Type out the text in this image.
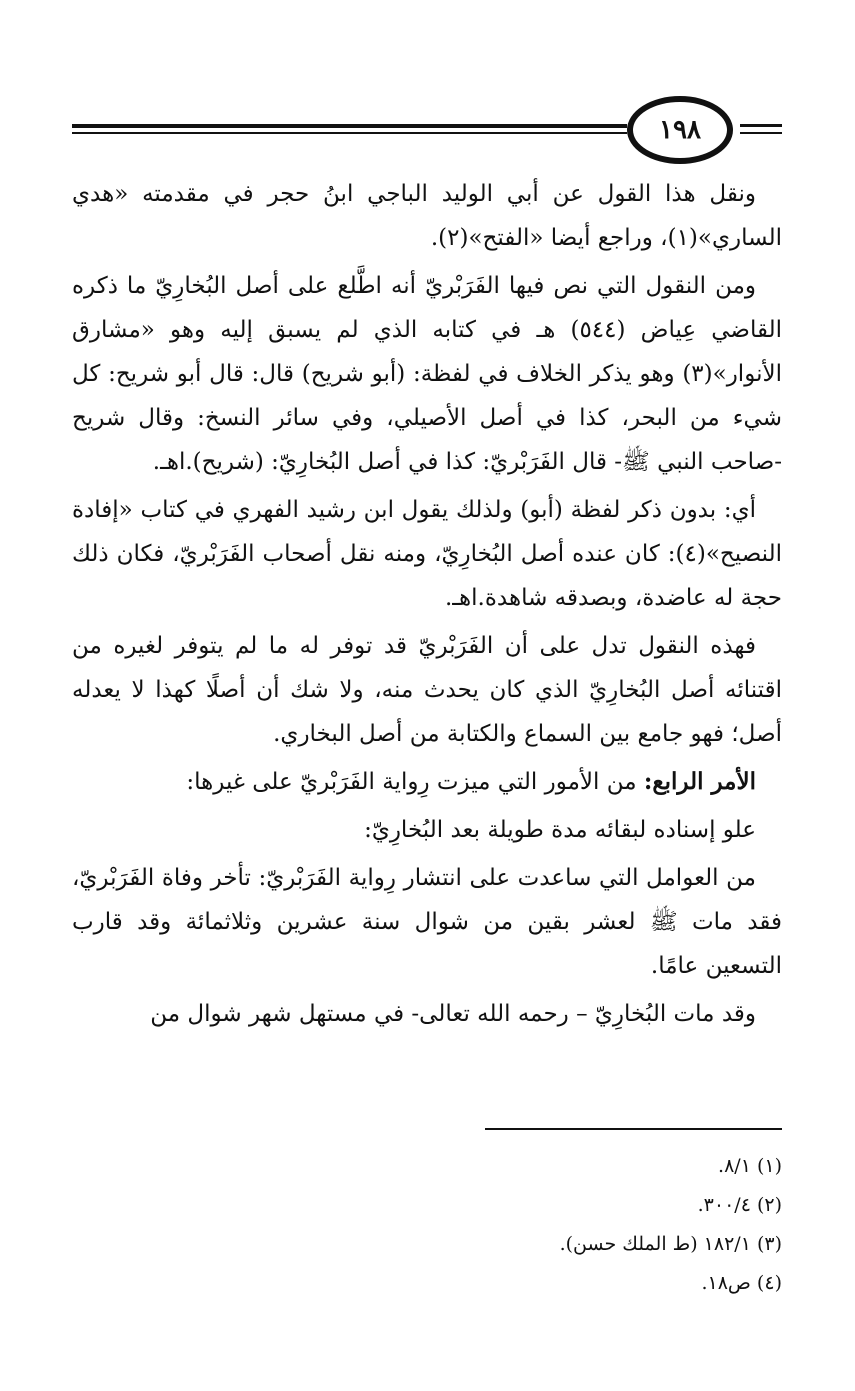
١٩٨

ونقل هذا القول عن أبي الوليد الباجي ابنُ حجر في مقدمته «هدي الساري»(١)، وراجع أيضا «الفتح»(٢).

ومن النقول التي نص فيها الفَرَبْريّ أنه اطَّلع على أصل البُخارِيّ ما ذكره القاضي عِياض (٥٤٤) هـ في كتابه الذي لم يسبق إليه وهو «مشارق الأنوار»(٣) وهو يذكر الخلاف في لفظة: (أبو شريح) قال: قال أبو شريح: كل شيء من البحر، كذا في أصل الأصيلي، وفي سائر النسخ: وقال شريح -صاحب النبي ﷺ- قال الفَرَبْريّ: كذا في أصل البُخارِيّ: (شريح).اهـ.

أي: بدون ذكر لفظة (أبو) ولذلك يقول ابن رشيد الفهري في كتاب «إفادة النصيح»(٤): كان عنده أصل البُخارِيّ، ومنه نقل أصحاب الفَرَبْريّ، فكان ذلك حجة له عاضدة، وبصدقه شاهدة.اهـ.

فهذه النقول تدل على أن الفَرَبْريّ قد توفر له ما لم يتوفر لغيره من اقتنائه أصل البُخارِيّ الذي كان يحدث منه، ولا شك أن أصلًا كهذا لا يعدله أصل؛ فهو جامع بين السماع والكتابة من أصل البخاري.

الأمر الرابع: من الأمور التي ميزت رِواية الفَرَبْريّ على غيرها:

علو إسناده لبقائه مدة طويلة بعد البُخارِيّ:

من العوامل التي ساعدت على انتشار رِواية الفَرَبْريّ: تأخر وفاة الفَرَبْريّ، فقد مات ﷺ لعشر بقين من شوال سنة عشرين وثلاثمائة وقد قارب التسعين عامًا.

وقد مات البُخارِيّ – رحمه الله تعالى- في مستهل شهر شوال من

(١) ٨/١.

(٢) ٣٠٠/٤.

(٣) ١٨٢/١ (ط الملك حسن).

(٤) ص١٨.
